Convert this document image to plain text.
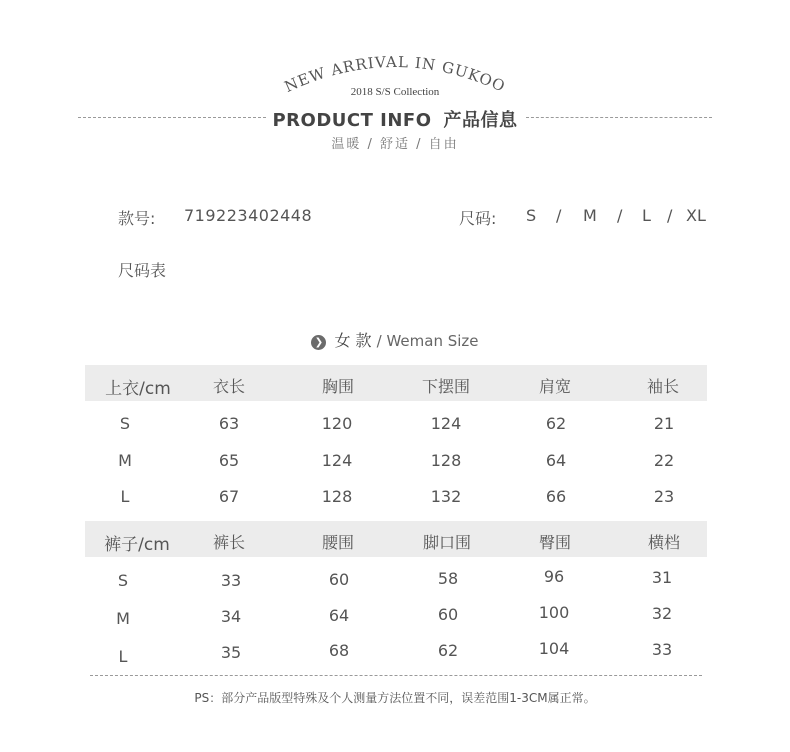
NEW ARRIVAL IN GUKOO
2018 S/S Collection
PRODUCT INFO 产品信息
温暖 / 舒适 / 自由
款号: 719223402448	尺码: S / M / L / XL
尺码表
❯ 女 款 / Weman Size
上衣/cm	衣长	胸围	下摆围	肩宽	袖长
S	63	120	124	62	21
M	65	124	128	64	22
L	67	128	132	66	23
裤子/cm	裤长	腰围	脚口围	臀围	横档
S	33	60	58	96	31
M	34	64	60	100	32
L	35	68	62	104	33
PS：部分产品版型特殊及个人测量方法位置不同，误差范围1-3CM属正常。
